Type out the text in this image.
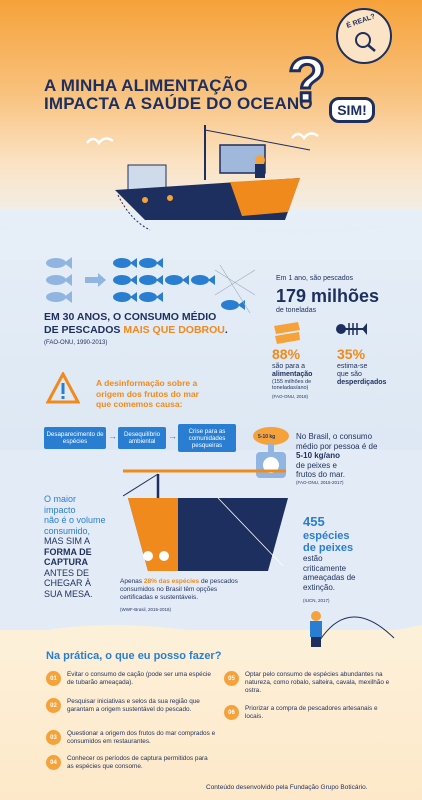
É REAL?
A MINHA ALIMENTAÇÃO
IMPACTA A SAÚDE DO OCEANO
? SIM!
EM 30 ANOS, O CONSUMO MÉDIO
DE PESCADOS MAIS QUE DOBROU.
(FAO-ONU, 1990-2013)
Em 1 ano, são pescados
179 milhões
de toneladas
88%
são para a
alimentação
(155 milhões de toneladas/ano)
(FAO-ONU, 2018)
35%
estima-se
que são
desperdiçados
A desinformação sobre a
origem dos frutos do mar
que comemos causa:
Desaparecimento de espécies
→	Desequilíbrio ambiental
→	Crise para as comunidades pesqueiras
5-10 kg	No Brasil, o consumo
médio por pessoa é de
5-10 kg/ano
de peixes e
frutos do mar.
(FAO-ONU, 2015-2017)
O maior
impacto
não é o volume
consumido,
MAS SIM A
FORMA DE
CAPTURA
ANTES DE
CHEGAR À
SUA MESA.
Apenas 28% das espécies de pescados
consumidos no Brasil têm opções
certificadas e sustentáveis.
(WWF-Brasil, 2015-2018)
455
espécies
de peixes
estão
criticamente
ameaçadas de
extinção.
(IUCN, 2017)
Na prática, o que eu posso fazer?
01
Evitar o consumo de cação (pode ser uma espécie de tubarão ameaçada).
02
Pesquisar iniciativas e selos da sua região que garantam a origem sustentável do pescado.
03
Questionar a origem dos frutos do mar comprados e consumidos em restaurantes.
04
Conhecer os períodos de captura permitidos para as espécies que consome.
05
Optar pelo consumo de espécies abundantes na natureza, como robalo, salteira, cavala, mexilhão e ostra.
06
Priorizar a compra de pescadores artesanais e locais.
Conteúdo desenvolvido pela Fundação Grupo Boticário.
